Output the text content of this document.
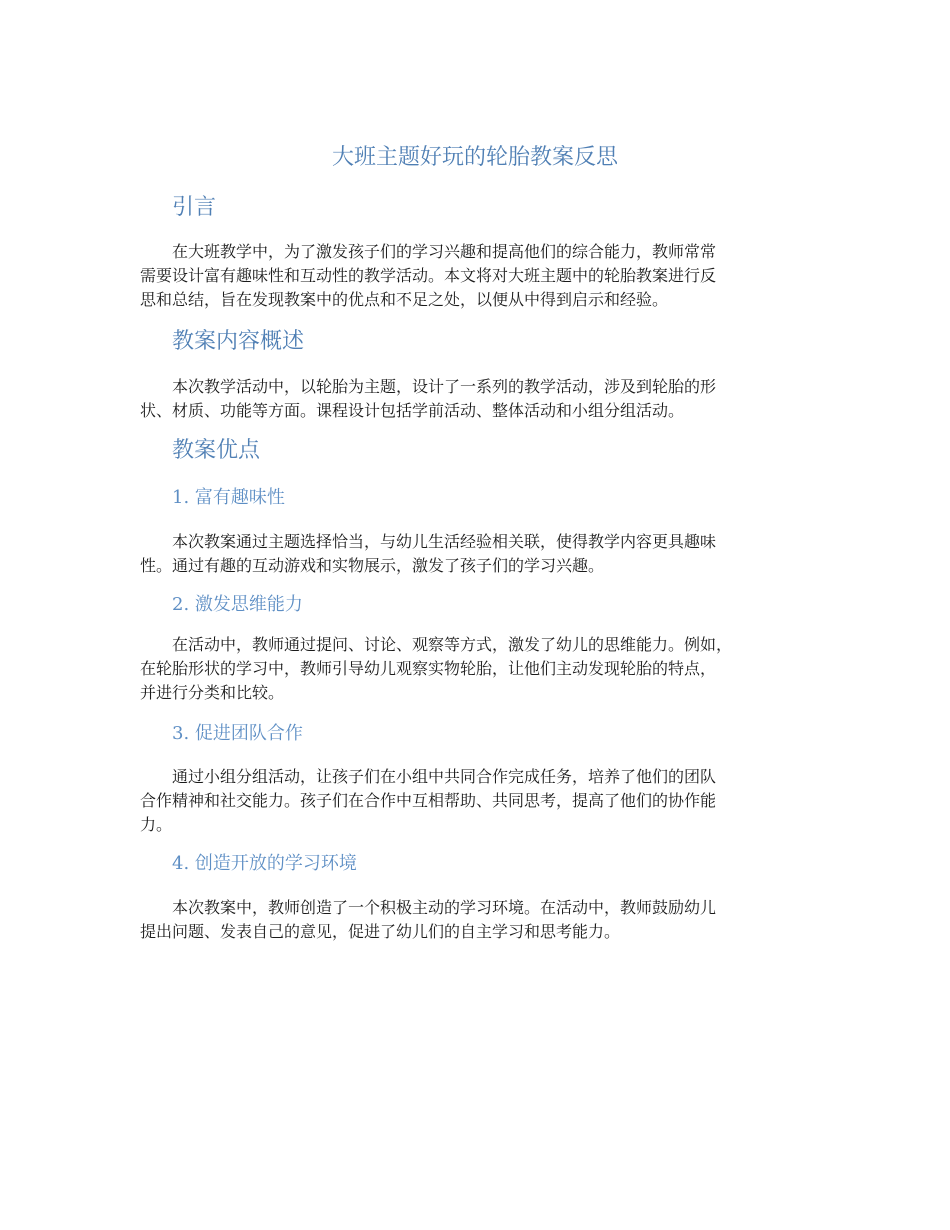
大班主题好玩的轮胎教案反思
引言
在大班教学中，为了激发孩子们的学习兴趣和提高他们的综合能力，教师常常
需要设计富有趣味性和互动性的教学活动。本文将对大班主题中的轮胎教案进行反
思和总结，旨在发现教案中的优点和不足之处，以便从中得到启示和经验。
教案内容概述
本次教学活动中，以轮胎为主题，设计了一系列的教学活动，涉及到轮胎的形
状、材质、功能等方面。课程设计包括学前活动、整体活动和小组分组活动。
教案优点
1. 富有趣味性
本次教案通过主题选择恰当，与幼儿生活经验相关联，使得教学内容更具趣味
性。通过有趣的互动游戏和实物展示，激发了孩子们的学习兴趣。
2. 激发思维能力
在活动中，教师通过提问、讨论、观察等方式，激发了幼儿的思维能力。例如，
在轮胎形状的学习中，教师引导幼儿观察实物轮胎，让他们主动发现轮胎的特点，
并进行分类和比较。
3. 促进团队合作
通过小组分组活动，让孩子们在小组中共同合作完成任务，培养了他们的团队
合作精神和社交能力。孩子们在合作中互相帮助、共同思考，提高了他们的协作能
力。
4. 创造开放的学习环境
本次教案中，教师创造了一个积极主动的学习环境。在活动中，教师鼓励幼儿
提出问题、发表自己的意见，促进了幼儿们的自主学习和思考能力。
